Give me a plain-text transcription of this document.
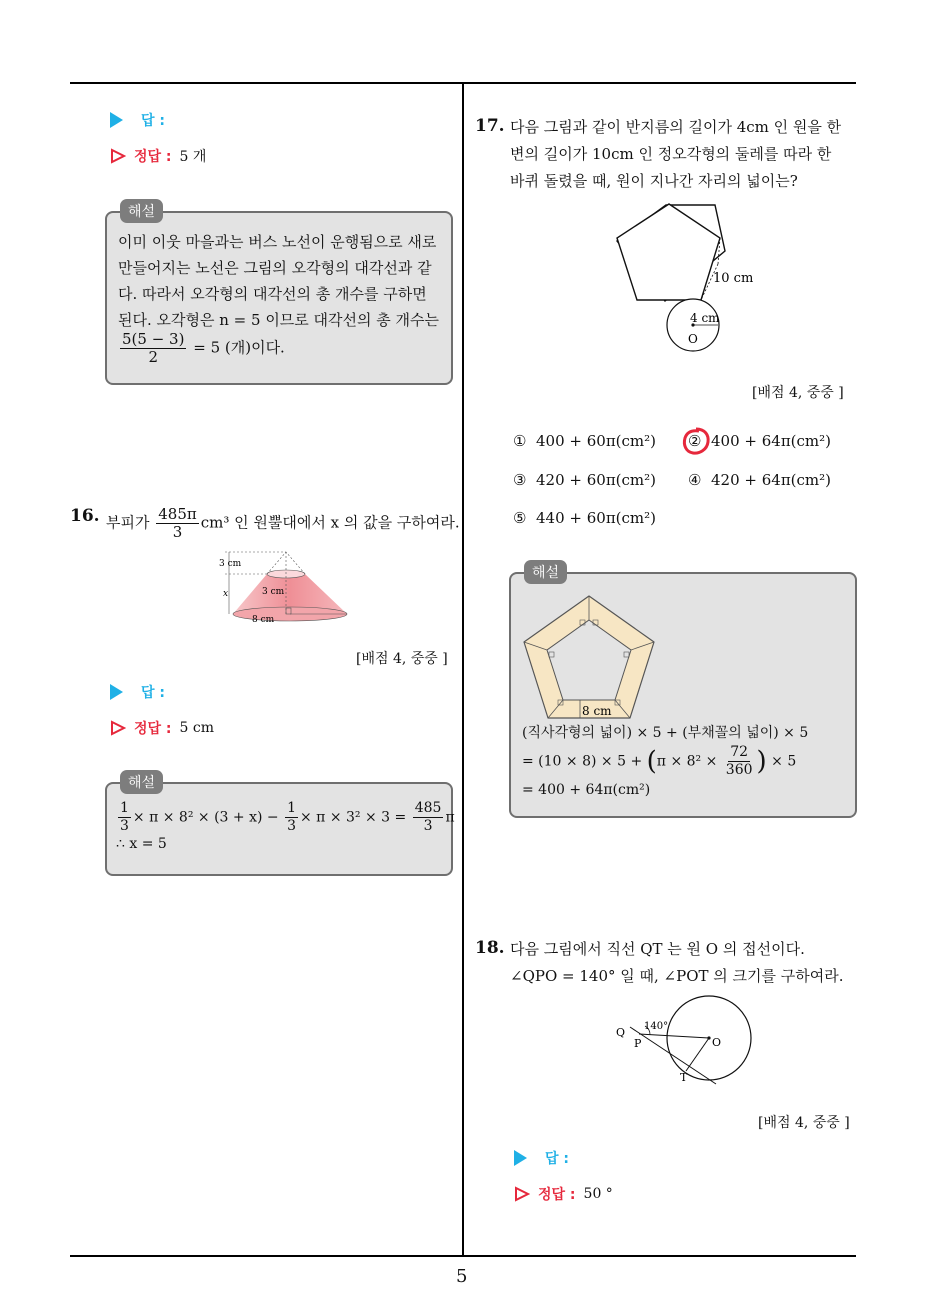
5
답 :
정답 : 5 개
해설
이미 이웃 마을과는 버스 노선이 운행됨으로 새로
만들어지는 노선은 그림의 오각형의 대각선과 같
다. 따라서 오각형의 대각선의 총 개수를 구하면
된다. 오각형은 n = 5 이므로 대각선의 총 개수는
$\frac{5(5 - 3)}{2} = 5$ (개)이다.
16. 부피가 $\frac{485\pi}{3} cm^3$ 인 원뿔대에서 x 의 값을 구하여라.
3 cm
3 cm
x
8 cm
[배점 4, 중중 ]
답 :
정답 : 5 cm
해설
$\frac{1}{3} \times \pi \times 8^2 \times (3 + x) - \frac{1}{3} \times \pi \times 3^2 \times 3 = \frac{485}{3}$ π
∴ x = 5
17. 다음 그림과 같이 반지름의 길이가 4cm 인 원을 한
변의 길이가 10cm 인 정오각형의 둘레를 따라 한
바퀴 돌렸을 때, 원이 지나간 자리의 넓이는?
10 cm
4 cm
O
[배점 4, 중중 ]
① 400 + 60π(cm²) ② 400 + 64π(cm²)
③ 420 + 60π(cm²) ④ 420 + 64π(cm²)
⑤ 440 + 60π(cm²)
해설
8 cm
(직사각형의 넓이) × 5 + (부채꼴의 넓이) × 5
= $(10 \times 8) \times 5 + (\pi \times 8^2 \times \frac{72}{360}$ ) × 5
= 400 + 64π(cm²)
18. 다음 그림에서 직선 QT 는 원 O 의 접선이다.
∠QPO = 140° 일 때, ∠POT 의 크기를 구하여라.
Q
P	O
T
140°
[배점 4, 중중 ]
답 :
정답 : 50 °
